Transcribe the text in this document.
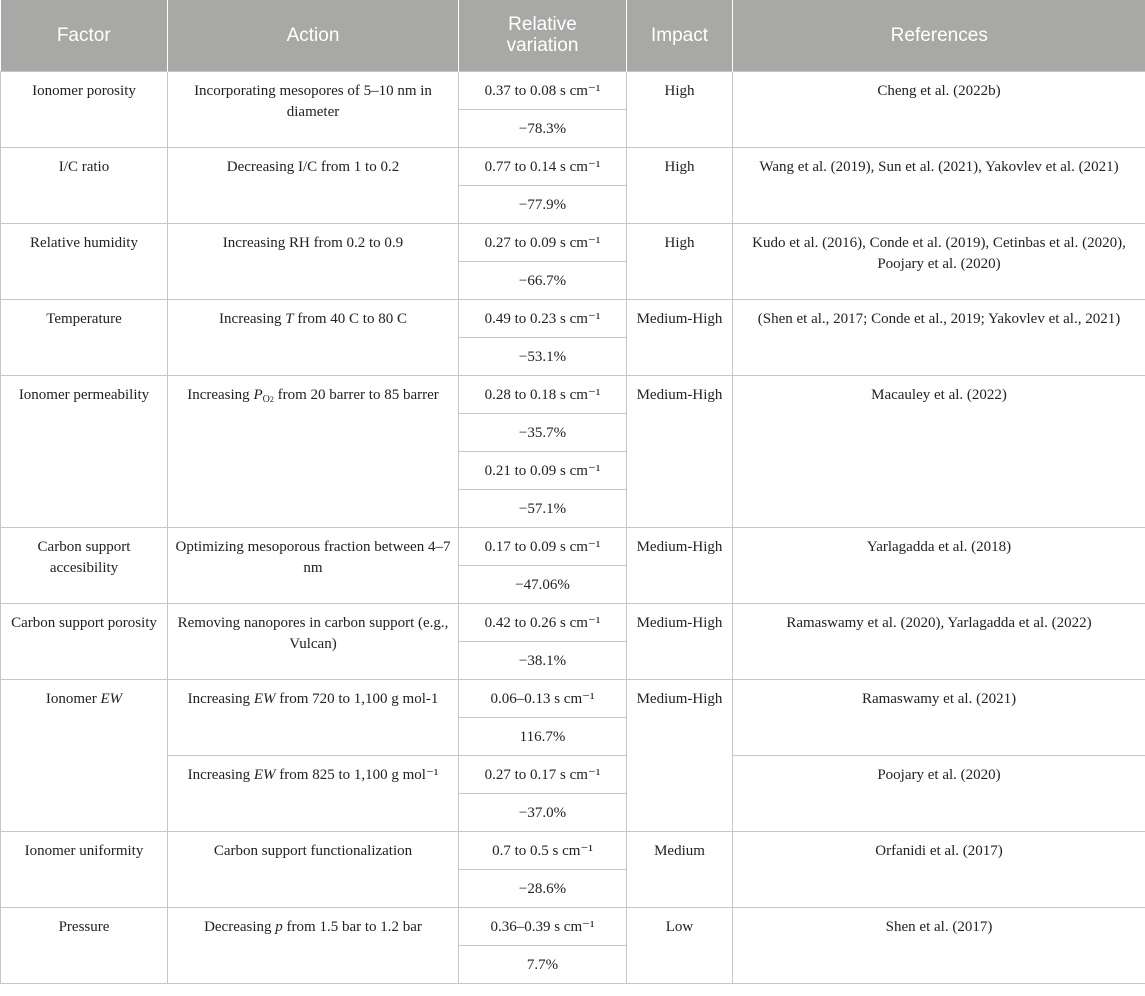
Factor	Action	Relative variation	Impact	References
Ionomer porosity	Incorporating mesopores of 5–10 nm in diameter	0.37 to 0.08 s cm⁻¹	High	Cheng et al. (2022b)
		−78.3%		
I/C ratio	Decreasing I/C from 1 to 0.2	0.77 to 0.14 s cm⁻¹	High	Wang et al. (2019), Sun et al. (2021), Yakovlev et al. (2021)
		−77.9%		
Relative humidity	Increasing RH from 0.2 to 0.9	0.27 to 0.09 s cm⁻¹	High	Kudo et al. (2016), Conde et al. (2019), Cetinbas et al. (2020), Poojary et al. (2020)
		−66.7%		
Temperature	Increasing T from 40 C to 80 C	0.49 to 0.23 s cm⁻¹	Medium-High	(Shen et al., 2017; Conde et al., 2019; Yakovlev et al., 2021)
		−53.1%		
Ionomer permeability	Increasing $P_{O2}$ from 20 barrer to 85 barrer	0.28 to 0.18 s cm⁻¹	Medium-High	Macauley et al. (2022)
		−35.7%		
		0.21 to 0.09 s cm⁻¹		
		−57.1%		
Carbon support accesibility	Optimizing mesoporous fraction between 4–7 nm	0.17 to 0.09 s cm⁻¹	Medium-High	Yarlagadda et al. (2018)
		−47.06%		
Carbon support porosity	Removing nanopores in carbon support (e.g., Vulcan)	0.42 to 0.26 s cm⁻¹	Medium-High	Ramaswamy et al. (2020), Yarlagadda et al. (2022)
		−38.1%		
Ionomer EW	Increasing EW from 720 to 1,100 g mol-1	0.06–0.13 s cm⁻¹	Medium-High	Ramaswamy et al. (2021)
		116.7%		
	Increasing EW from 825 to 1,100 g mol⁻¹	0.27 to 0.17 s cm⁻¹		Poojary et al. (2020)
		−37.0%		
Ionomer uniformity	Carbon support functionalization	0.7 to 0.5 s cm⁻¹	Medium	Orfanidi et al. (2017)
		−28.6%		
Pressure	Decreasing p from 1.5 bar to 1.2 bar	0.36–0.39 s cm⁻¹	Low	Shen et al. (2017)
		7.7%		
